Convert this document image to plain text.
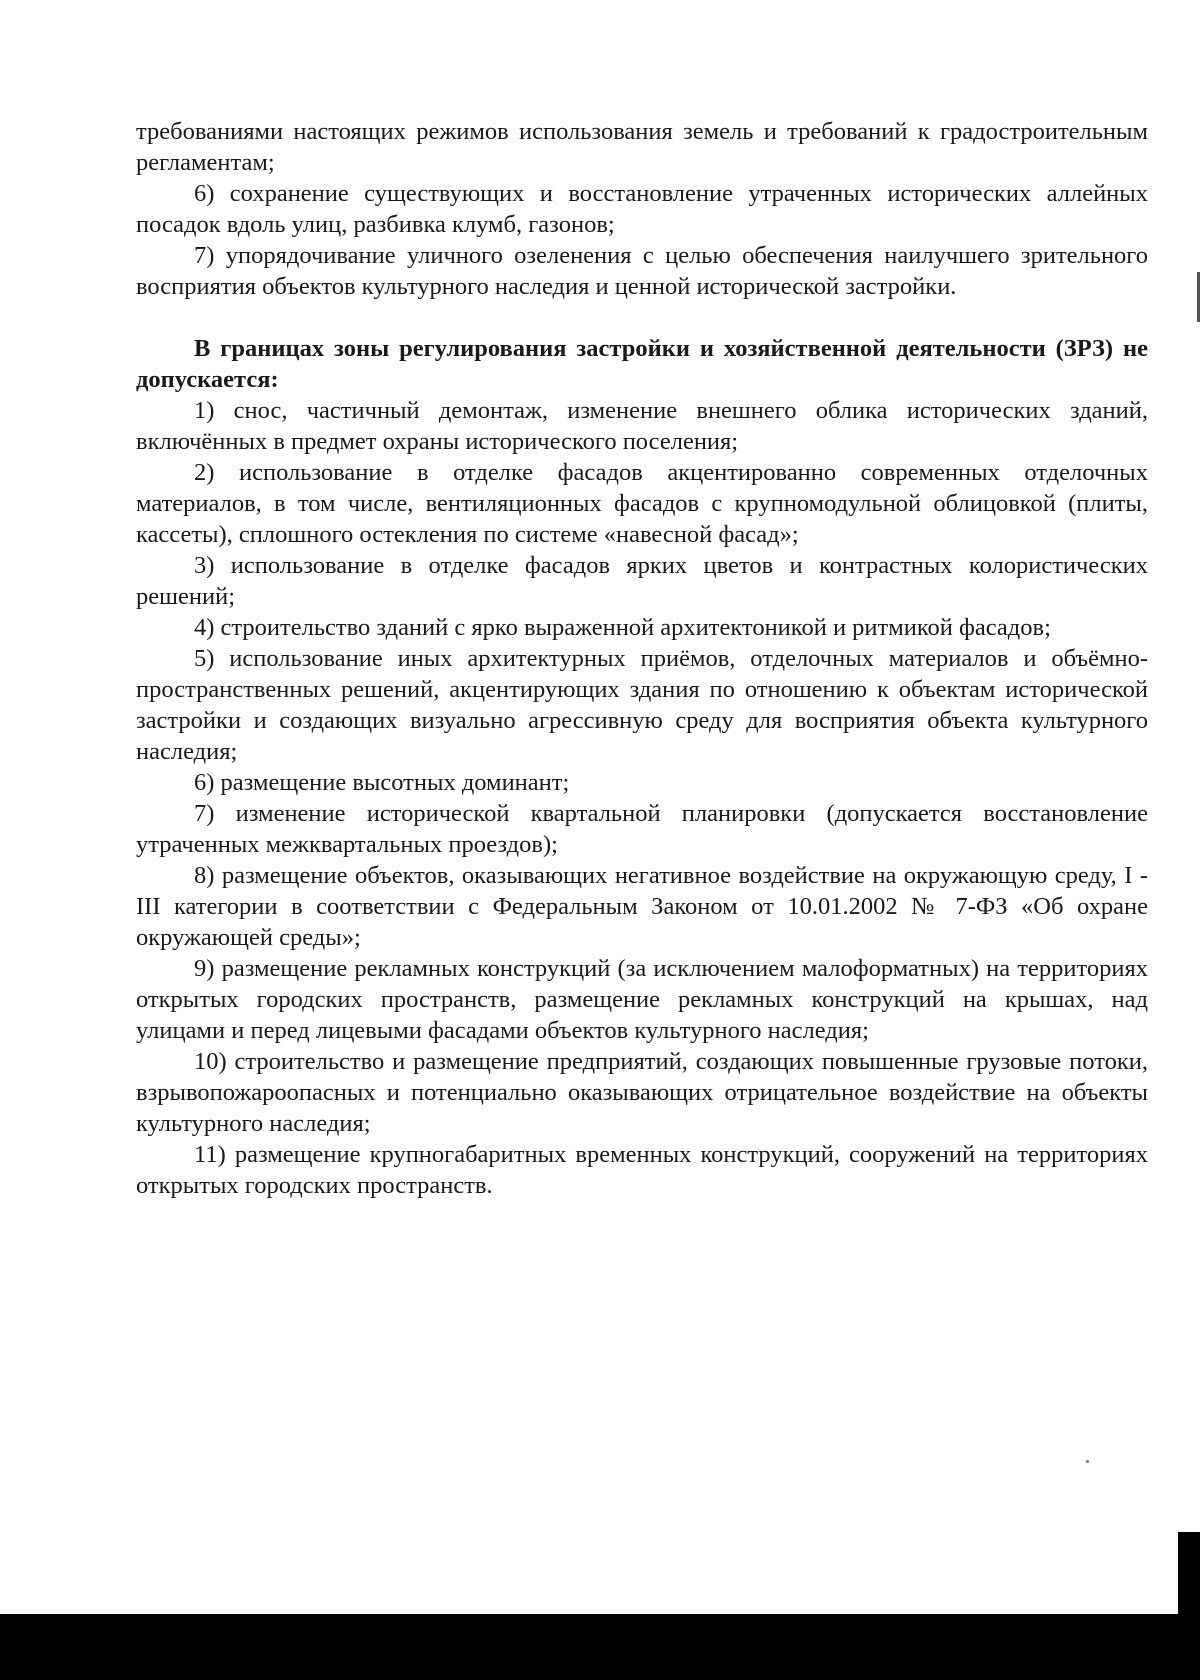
требованиями настоящих режимов использования земель и требований к градостроительным регламентам;

6) сохранение существующих и восстановление утраченных исторических аллейных посадок вдоль улиц, разбивка клумб, газонов;

7) упорядочивание уличного озеленения с целью обеспечения наилучшего зрительного восприятия объектов культурного наследия и ценной исторической застройки.

В границах зоны регулирования застройки и хозяйственной деятельности (ЗРЗ) не допускается:

1) снос, частичный демонтаж, изменение внешнего облика исторических зданий, включённых в предмет охраны исторического поселения;

2) использование в отделке фасадов акцентированно современных отделочных материалов, в том числе, вентиляционных фасадов с крупномодульной облицовкой (плиты, кассеты), сплошного остекления по системе «навесной фасад»;

3) использование в отделке фасадов ярких цветов и контрастных колористических решений;

4) строительство зданий с ярко выраженной архитектоникой и ритмикой фасадов;

5) использование иных архитектурных приёмов, отделочных материалов и объёмно- пространственных решений, акцентирующих здания по отношению к объектам исторической застройки и создающих визуально агрессивную среду для восприятия объекта культурного наследия;

6) размещение высотных доминант;

7) изменение исторической квартальной планировки (допускается восстановление утраченных межквартальных проездов);

8) размещение объектов, оказывающих негативное воздействие на окружающую среду, I - III категории в соответствии с Федеральным Законом от 10.01.2002 № 7-ФЗ «Об охране окружающей среды»;

9) размещение рекламных конструкций (за исключением малоформатных) на территориях открытых городских пространств, размещение рекламных конструкций на крышах, над улицами и перед лицевыми фасадами объектов культурного наследия;

10) строительство и размещение предприятий, создающих повышенные грузовые потоки, взрывопожароопасных и потенциально оказывающих отрицательное воздействие на объекты культурного наследия;

11) размещение крупногабаритных временных конструкций, сооружений на территориях открытых городских пространств.
